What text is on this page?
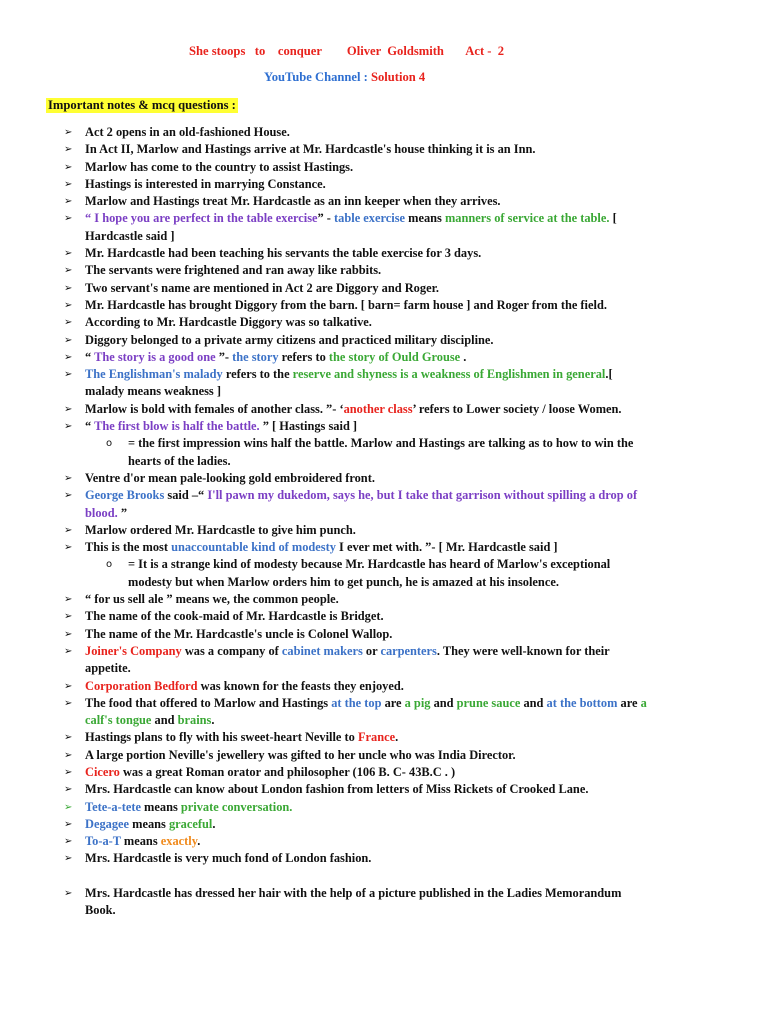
She stoops   to    conquer        Oliver  Goldsmith       Act -  2
YouTube Channel : Solution 4
Important notes & mcq questions :
➢ Act 2 opens in an old-fashioned House.
➢ In Act II, Marlow and Hastings arrive at Mr. Hardcastle's house thinking it is an Inn.
➢ Marlow has come to the country to assist Hastings.
➢ Hastings is interested in marrying Constance.
➢ Marlow and Hastings treat Mr. Hardcastle as an inn keeper when they arrives.
➢ “ I hope you are perfect in the table exercise” - table exercise means manners of service at the table. [ Hardcastle said ]
➢ Mr. Hardcastle had been teaching his servants the table exercise for 3 days.
➢ The servants were frightened and ran away like rabbits.
➢ Two servant's name are mentioned in Act 2 are Diggory and Roger.
➢ Mr. Hardcastle has brought Diggory from the barn. [ barn= farm house ] and Roger from the field.
➢ According to Mr. Hardcastle Diggory was so talkative.
➢ Diggory belonged to a private army citizens and practiced military discipline.
➢ “ The story is a good one ”- the story refers to the story of Ould Grouse .
➢ The Englishman's malady refers to the reserve and shyness is a weakness of Englishmen in general.[ malady means weakness ]
➢ Marlow is bold with females of another class. ”- ‘another class’ refers to Lower society / loose Women.
➢ “ The first blow is half the battle. ” [ Hastings said ]
o = the first impression wins half the battle. Marlow and Hastings are talking as to how to win the hearts of the ladies.
➢ Ventre d'or mean pale-looking gold embroidered front.
➢ George Brooks said –“ I'll pawn my dukedom, says he, but I take that garrison without spilling a drop of blood. ”
➢ Marlow ordered Mr. Hardcastle to give him punch.
➢ This is the most unaccountable kind of modesty I ever met with. ”- [ Mr. Hardcastle said ]
o = It is a strange kind of modesty because Mr. Hardcastle has heard of Marlow's exceptional modesty but when Marlow orders him to get punch, he is amazed at his insolence.
➢ “ for us sell ale ” means we, the common people.
➢ The name of the cook-maid of Mr. Hardcastle is Bridget.
➢ The name of the Mr. Hardcastle's uncle is Colonel Wallop.
➢ Joiner's Company was a company of cabinet makers or carpenters. They were well-known for their appetite.
➢ Corporation Bedford was known for the feasts they enjoyed.
➢ The food that offered to Marlow and Hastings at the top are a pig and prune sauce and at the bottom are a calf's tongue and brains.
➢ Hastings plans to fly with his sweet-heart Neville to France.
➢ A large portion Neville's jewellery was gifted to her uncle who was India Director.
➢ Cicero was a great Roman orator and philosopher (106 B. C- 43B.C . )
➢ Mrs. Hardcastle can know about London fashion from letters of Miss Rickets of Crooked Lane.
➢ Tete-a-tete means private conversation.
➢ Degagee means graceful.
➢ To-a-T means exactly.
➢ Mrs. Hardcastle is very much fond of London fashion.
➢ Mrs. Hardcastle has dressed her hair with the help of a picture published in the Ladies Memorandum Book.
